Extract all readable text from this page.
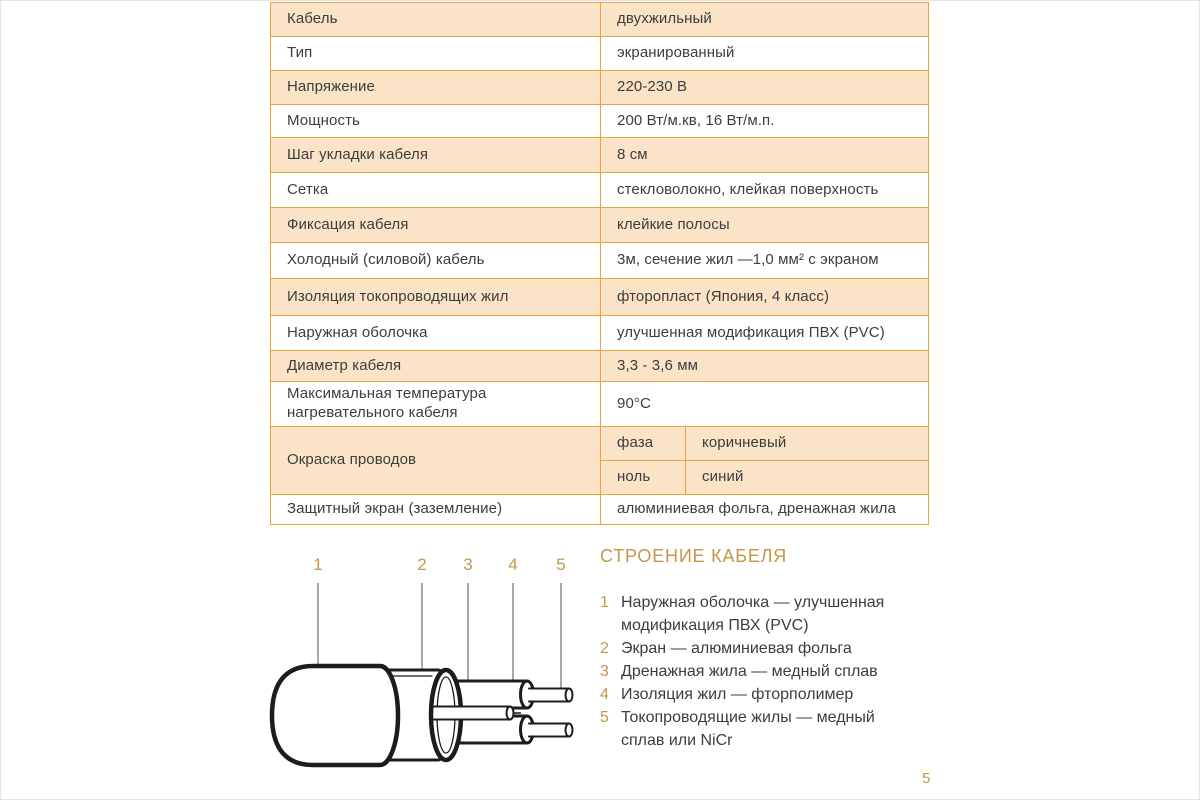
Кабель	двухжильный	
Тип	экранированный	
Напряжение	220-230 В	
Мощность	200 Вт/м.кв, 16 Вт/м.п.	
Шаг укладки кабеля	8 см	
Сетка	стекловолокно, клейкая поверхность	
Фиксация кабеля	клейкие полосы	
Холодный (силовой) кабель	3м, сечение жил —1,0 мм² с экраном	
Изоляция токопроводящих жил	фторопласт (Япония, 4 класс)	
Наружная оболочка	улучшенная модификация ПВХ (PVC)	
Диаметр кабеля	3,3 - 3,6 мм	
Максимальная температура нагревательного кабеля	90°С	
Окраска проводов	фаза	коричневый
	ноль	синий
Защитный экран (заземление)	алюминиевая фольга, дренажная жила	
1	2 3 4 5 СТРОЕНИЕ КАБЕЛЯ
1 Наружная оболочка — улучшенная модификация ПВХ (PVC)
2 Экран — алюминиевая фольга
3 Дренажная жила — медный сплав
4 Изоляция жил — фторполимер
5 Токопроводящие жилы — медный сплав или NiCr
5
